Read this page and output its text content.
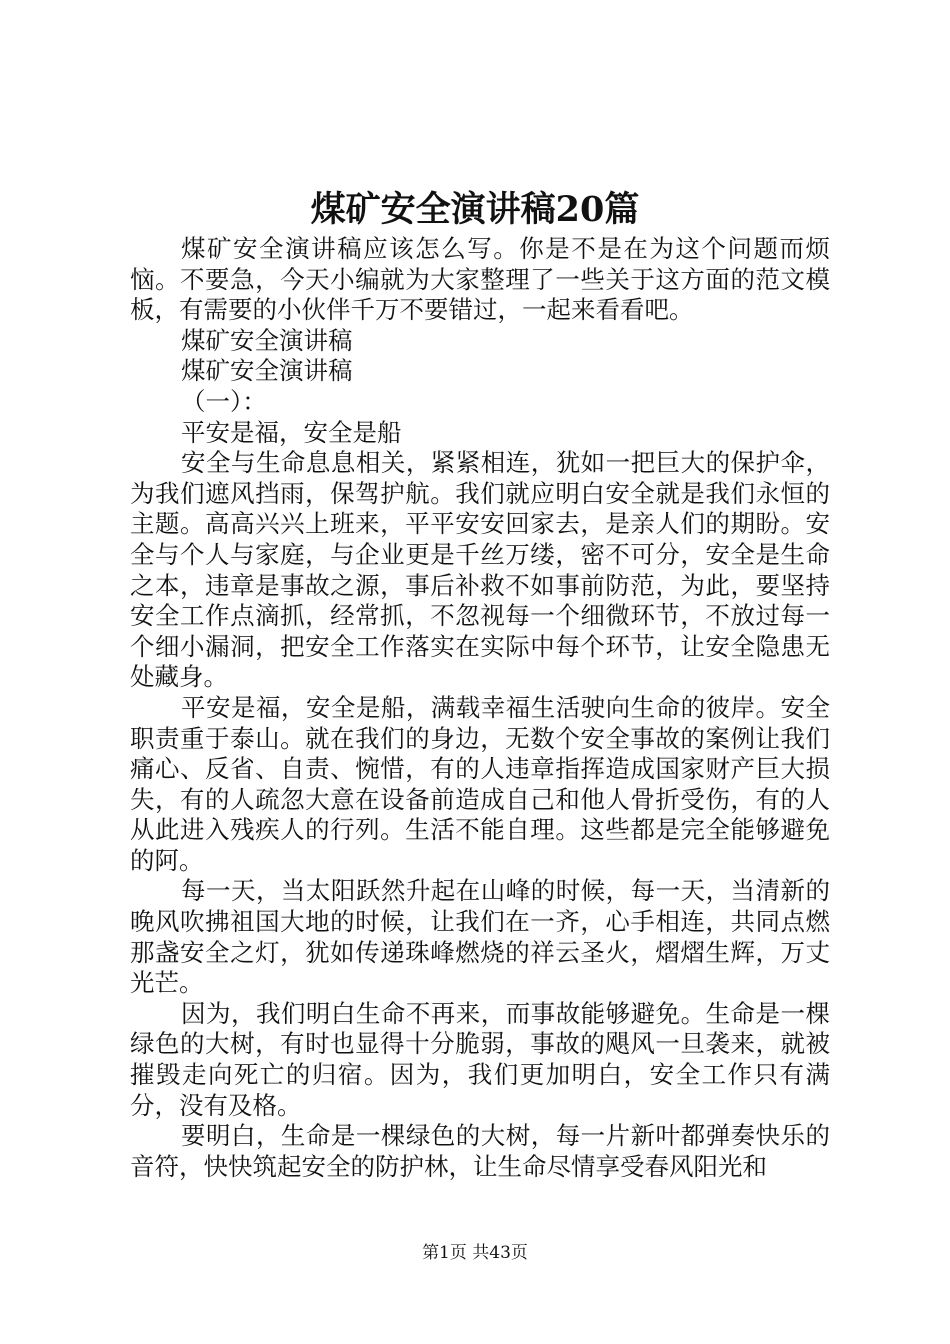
煤矿安全演讲稿20篇

煤矿安全演讲稿应该怎么写。你是不是在为这个问题而烦恼。不要急，今天小编就为大家整理了一些关于这方面的范文模板，有需要的小伙伴千万不要错过，一起来看看吧。

煤矿安全演讲稿

煤矿安全演讲稿

（一）：

平安是福，安全是船

安全与生命息息相关，紧紧相连，犹如一把巨大的保护伞，为我们遮风挡雨，保驾护航。我们就应明白安全就是我们永恒的主题。高高兴兴上班来，平平安安回家去，是亲人们的期盼。安全与个人与家庭，与企业更是千丝万缕，密不可分，安全是生命之本，违章是事故之源，事后补救不如事前防范，为此，要坚持安全工作点滴抓，经常抓，不忽视每一个细微环节，不放过每一个细小漏洞，把安全工作落实在实际中每个环节，让安全隐患无处藏身。

平安是福，安全是船，满载幸福生活驶向生命的彼岸。安全职责重于泰山。就在我们的身边，无数个安全事故的案例让我们痛心、反省、自责、惋惜，有的人违章指挥造成国家财产巨大损失，有的人疏忽大意在设备前造成自己和他人骨折受伤，有的人从此进入残疾人的行列。生活不能自理。这些都是完全能够避免的阿。

每一天，当太阳跃然升起在山峰的时候，每一天，当清新的晚风吹拂祖国大地的时候，让我们在一齐，心手相连，共同点燃那盏安全之灯，犹如传递珠峰燃烧的祥云圣火，熠熠生辉，万丈光芒。

因为，我们明白生命不再来，而事故能够避免。生命是一棵绿色的大树，有时也显得十分脆弱，事故的飓风一旦袭来，就被摧毁走向死亡的归宿。因为，我们更加明白，安全工作只有满分，没有及格。

要明白，生命是一棵绿色的大树，每一片新叶都弹奏快乐的音符，快快筑起安全的防护林，让生命尽情享受春风阳光和

第1页 共43页
